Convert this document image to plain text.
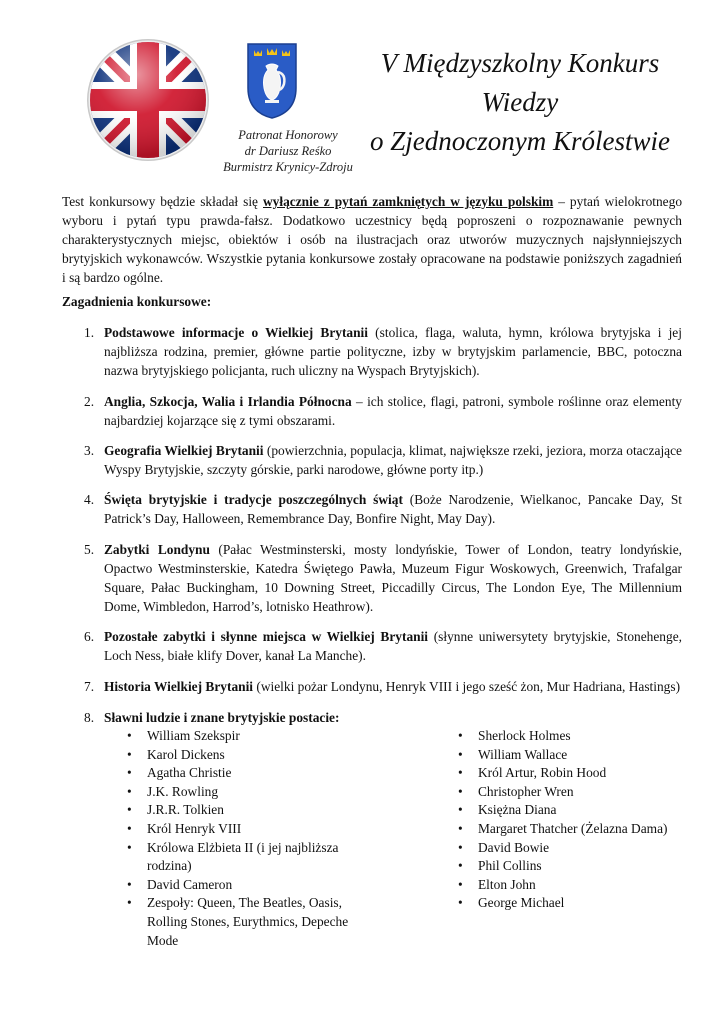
Patronat Honorowy
dr Dariusz Reśko
Burmistrz Krynicy-Zdroju
V Międzyszkolny Konkurs
Wiedzy
o Zjednoczonym Królestwie
Test konkursowy będzie składał się wyłącznie z pytań zamkniętych w języku polskim – pytań wielokrotnego wyboru i pytań typu prawda-fałsz. Dodatkowo uczestnicy będą poproszeni o rozpoznawanie pewnych charakterystycznych miejsc, obiektów i osób na ilustracjach oraz utworów muzycznych najsłynniejszych brytyjskich wykonawców. Wszystkie pytania konkursowe zostały opracowane na podstawie poniższych zagadnień i są bardzo ogólne.
Zagadnienia konkursowe:
1. Podstawowe informacje o Wielkiej Brytanii (stolica, flaga, waluta, hymn, królowa brytyjska i jej najbliższa rodzina, premier, główne partie polityczne, izby w brytyjskim parlamencie, BBC, potoczna nazwa brytyjskiego policjanta, ruch uliczny na Wyspach Brytyjskich).
2. Anglia, Szkocja, Walia i Irlandia Północna – ich stolice, flagi, patroni, symbole roślinne oraz elementy najbardziej kojarzące się z tymi obszarami.
3. Geografia Wielkiej Brytanii (powierzchnia, populacja, klimat, największe rzeki, jeziora, morza otaczające Wyspy Brytyjskie, szczyty górskie, parki narodowe, główne porty itp.)
4. Święta brytyjskie i tradycje poszczególnych świąt (Boże Narodzenie, Wielkanoc, Pancake Day, St Patrick’s Day, Halloween, Remembrance Day, Bonfire Night, May Day).
5. Zabytki Londynu (Pałac Westminsterski, mosty londyńskie, Tower of London, teatry londyńskie, Opactwo Westminsterskie, Katedra Świętego Pawła, Muzeum Figur Woskowych, Greenwich, Trafalgar Square, Pałac Buckingham, 10 Downing Street, Piccadilly Circus, The London Eye, The Millennium Dome, Wimbledon, Harrod’s, lotnisko Heathrow).
6. Pozostałe zabytki i słynne miejsca w Wielkiej Brytanii (słynne uniwersytety brytyjskie, Stonehenge, Loch Ness, białe klify Dover, kanał La Manche).
7. Historia Wielkiej Brytanii (wielki pożar Londynu, Henryk VIII i jego sześć żon, Mur Hadriana, Hastings)
8. Sławni ludzie i znane brytyjskie postacie:
• William Szekspir
• Karol Dickens
• Agatha Christie
• J.K. Rowling
• J.R.R. Tolkien
• Król Henryk VIII
• Królowa Elżbieta II (i jej najbliższa rodzina)
• David Cameron
• Zespoły: Queen, The Beatles, Oasis, Rolling Stones, Eurythmics, Depeche Mode
• Sherlock Holmes
• William Wallace
• Król Artur, Robin Hood
• Christopher Wren
• Księżna Diana
• Margaret Thatcher (Żelazna Dama)
• David Bowie
• Phil Collins
• Elton John
• George Michael
